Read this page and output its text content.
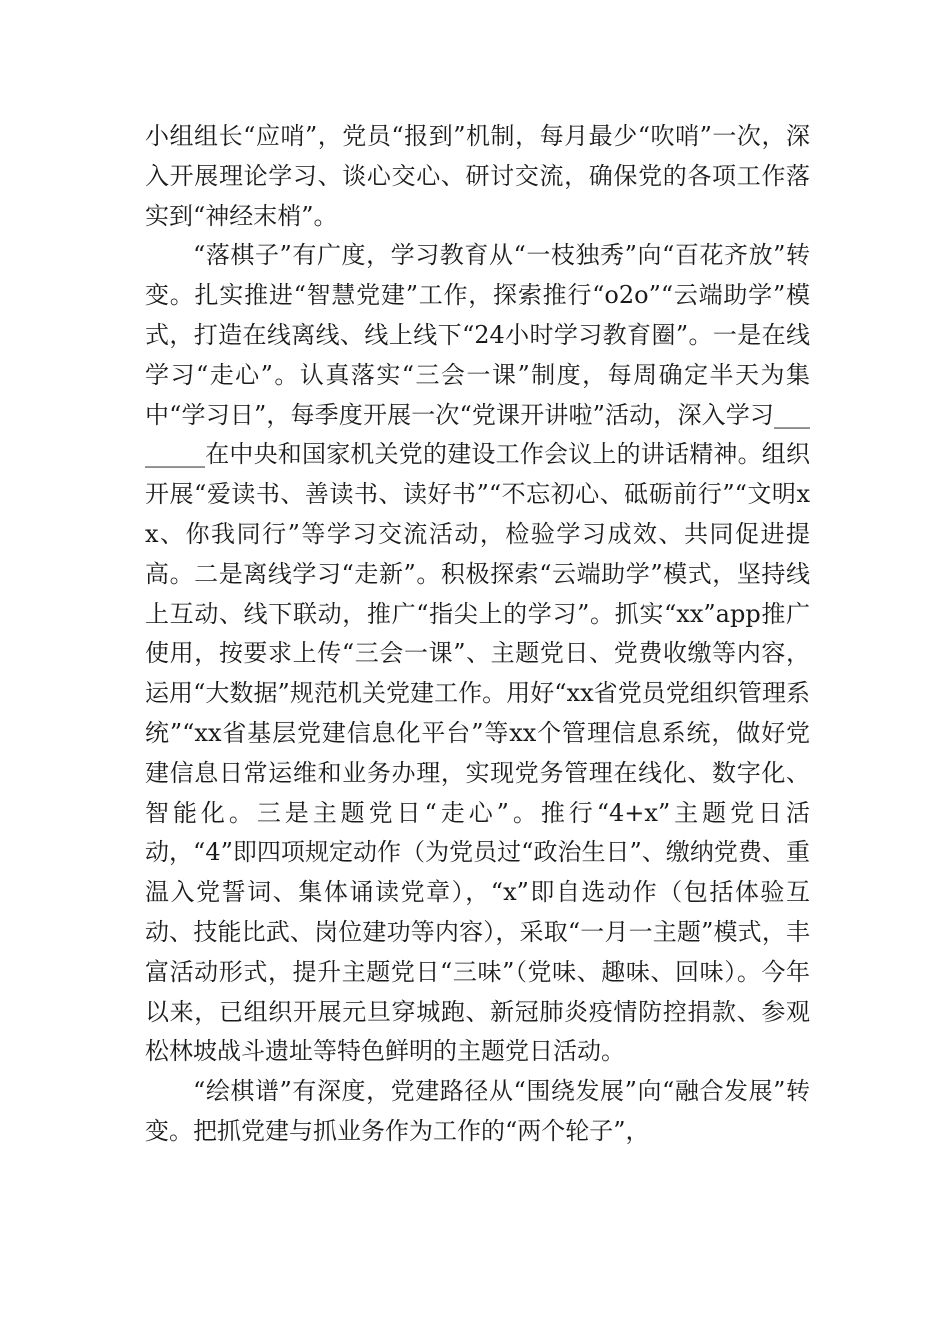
小组组长“应哨”，党员“报到”机制，每月最少“吹哨”一次，深入开展理论学习、谈心交心、研讨交流，确保党的各项工作落实到“神经末梢”。

“落棋子”有广度，学习教育从“一枝独秀”向“百花齐放”转变。扎实推进“智慧党建”工作，探索推行“o2o”“云端助学”模式，打造在线离线、线上线下“24小时学习教育圈”。一是在线学习“走心”。认真落实“三会一课”制度，每周确定半天为集中“学习日”，每季度开展一次“党课开讲啦”活动，深入学习________在中央和国家机关党的建设工作会议上的讲话精神。组织开展“爱读书、善读书、读好书”“不忘初心、砥砺前行”“文明xx、你我同行”等学习交流活动，检验学习成效、共同促进提高。二是离线学习“走新”。积极探索“云端助学”模式，坚持线上互动、线下联动，推广“指尖上的学习”。抓实“xx”app推广使用，按要求上传“三会一课”、主题党日、党费收缴等内容，运用“大数据”规范机关党建工作。用好“xx省党员党组织管理系统”“xx省基层党建信息化平台”等xx个管理信息系统，做好党建信息日常运维和业务办理，实现党务管理在线化、数字化、智能化。三是主题党日“走心”。推行“4+x”主题党日活动，“4”即四项规定动作（为党员过“政治生日”、缴纳党费、重温入党誓词、集体诵读党章），“x”即自选动作（包括体验互动、技能比武、岗位建功等内容），采取“一月一主题”模式，丰富活动形式，提升主题党日“三味”（党味、趣味、回味）。今年以来，已组织开展元旦穿城跑、新冠肺炎疫情防控捐款、参观松林坡战斗遗址等特色鲜明的主题党日活动。

“绘棋谱”有深度，党建路径从“围绕发展”向“融合发展”转变。把抓党建与抓业务作为工作的“两个轮子”，
